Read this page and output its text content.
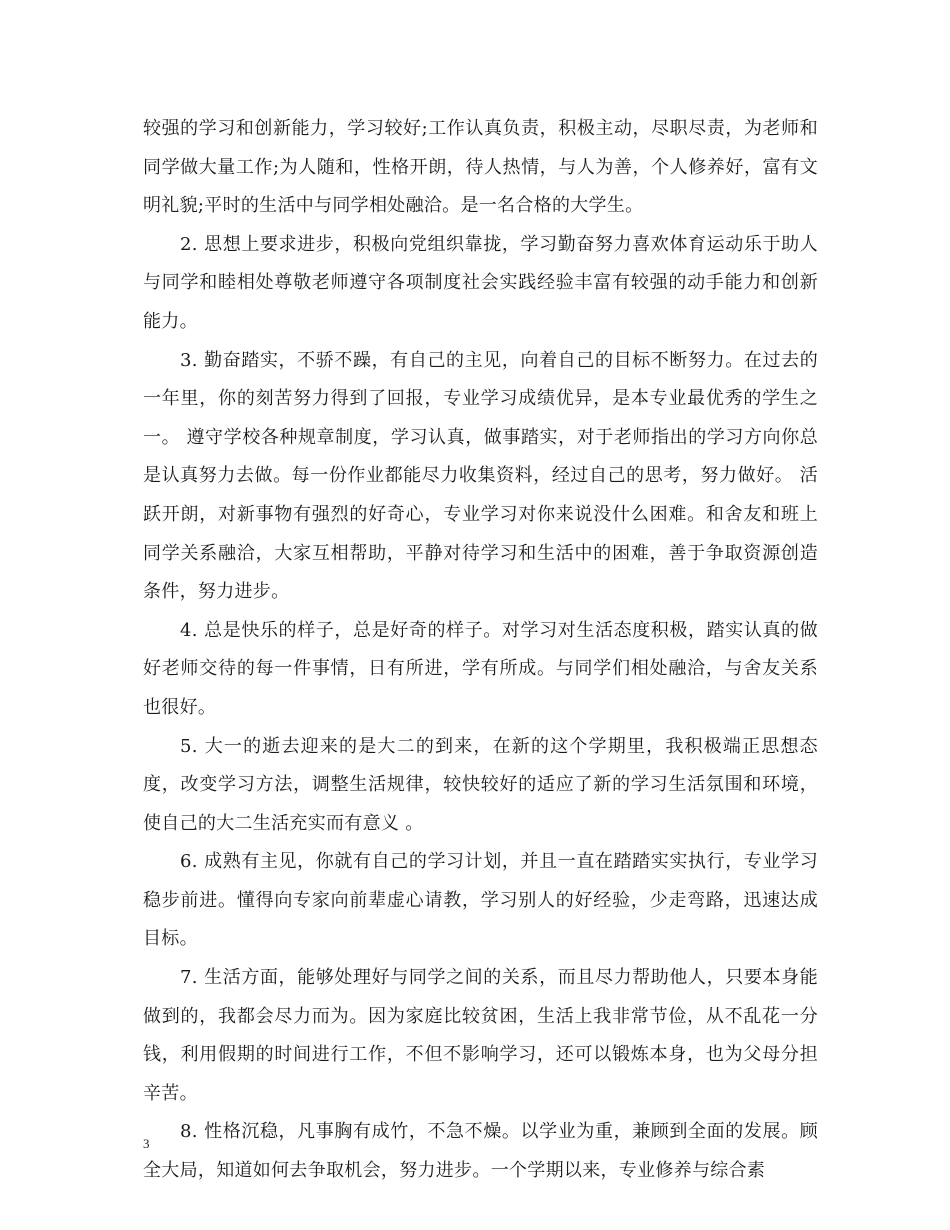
较强的学习和创新能力，学习较好;工作认真负责，积极主动，尽职尽责，为老师和同学做大量工作;为人随和，性格开朗，待人热情，与人为善，个人修养好，富有文明礼貌;平时的生活中与同学相处融洽。是一名合格的大学生。

2. 思想上要求进步，积极向党组织靠拢，学习勤奋努力喜欢体育运动乐于助人与同学和睦相处尊敬老师遵守各项制度社会实践经验丰富有较强的动手能力和创新能力。

3. 勤奋踏实，不骄不躁，有自己的主见，向着自己的目标不断努力。在过去的一年里，你的刻苦努力得到了回报，专业学习成绩优异，是本专业最优秀的学生之一。 遵守学校各种规章制度，学习认真，做事踏实，对于老师指出的学习方向你总是认真努力去做。每一份作业都能尽力收集资料，经过自己的思考，努力做好。 活跃开朗，对新事物有强烈的好奇心，专业学习对你来说没什么困难。和舍友和班上同学关系融洽，大家互相帮助，平静对待学习和生活中的困难，善于争取资源创造条件，努力进步。

4. 总是快乐的样子，总是好奇的样子。对学习对生活态度积极，踏实认真的做好老师交待的每一件事情，日有所进，学有所成。与同学们相处融洽，与舍友关系也很好。

5. 大一的逝去迎来的是大二的到来，在新的这个学期里，我积极端正思想态度，改变学习方法，调整生活规律，较快较好的适应了新的学习生活氛围和环境，使自己的大二生活充实而有意义 。

6. 成熟有主见，你就有自己的学习计划，并且一直在踏踏实实执行，专业学习稳步前进。懂得向专家向前辈虚心请教，学习别人的好经验，少走弯路，迅速达成目标。

7. 生活方面，能够处理好与同学之间的关系，而且尽力帮助他人，只要本身能做到的，我都会尽力而为。因为家庭比较贫困，生活上我非常节俭，从不乱花一分钱，利用假期的时间进行工作，不但不影响学习，还可以锻炼本身，也为父母分担辛苦。

8. 性格沉稳，凡事胸有成竹，不急不燥。以学业为重，兼顾到全面的发展。顾全大局，知道如何去争取机会，努力进步。一个学期以来，专业修养与综合素

3
